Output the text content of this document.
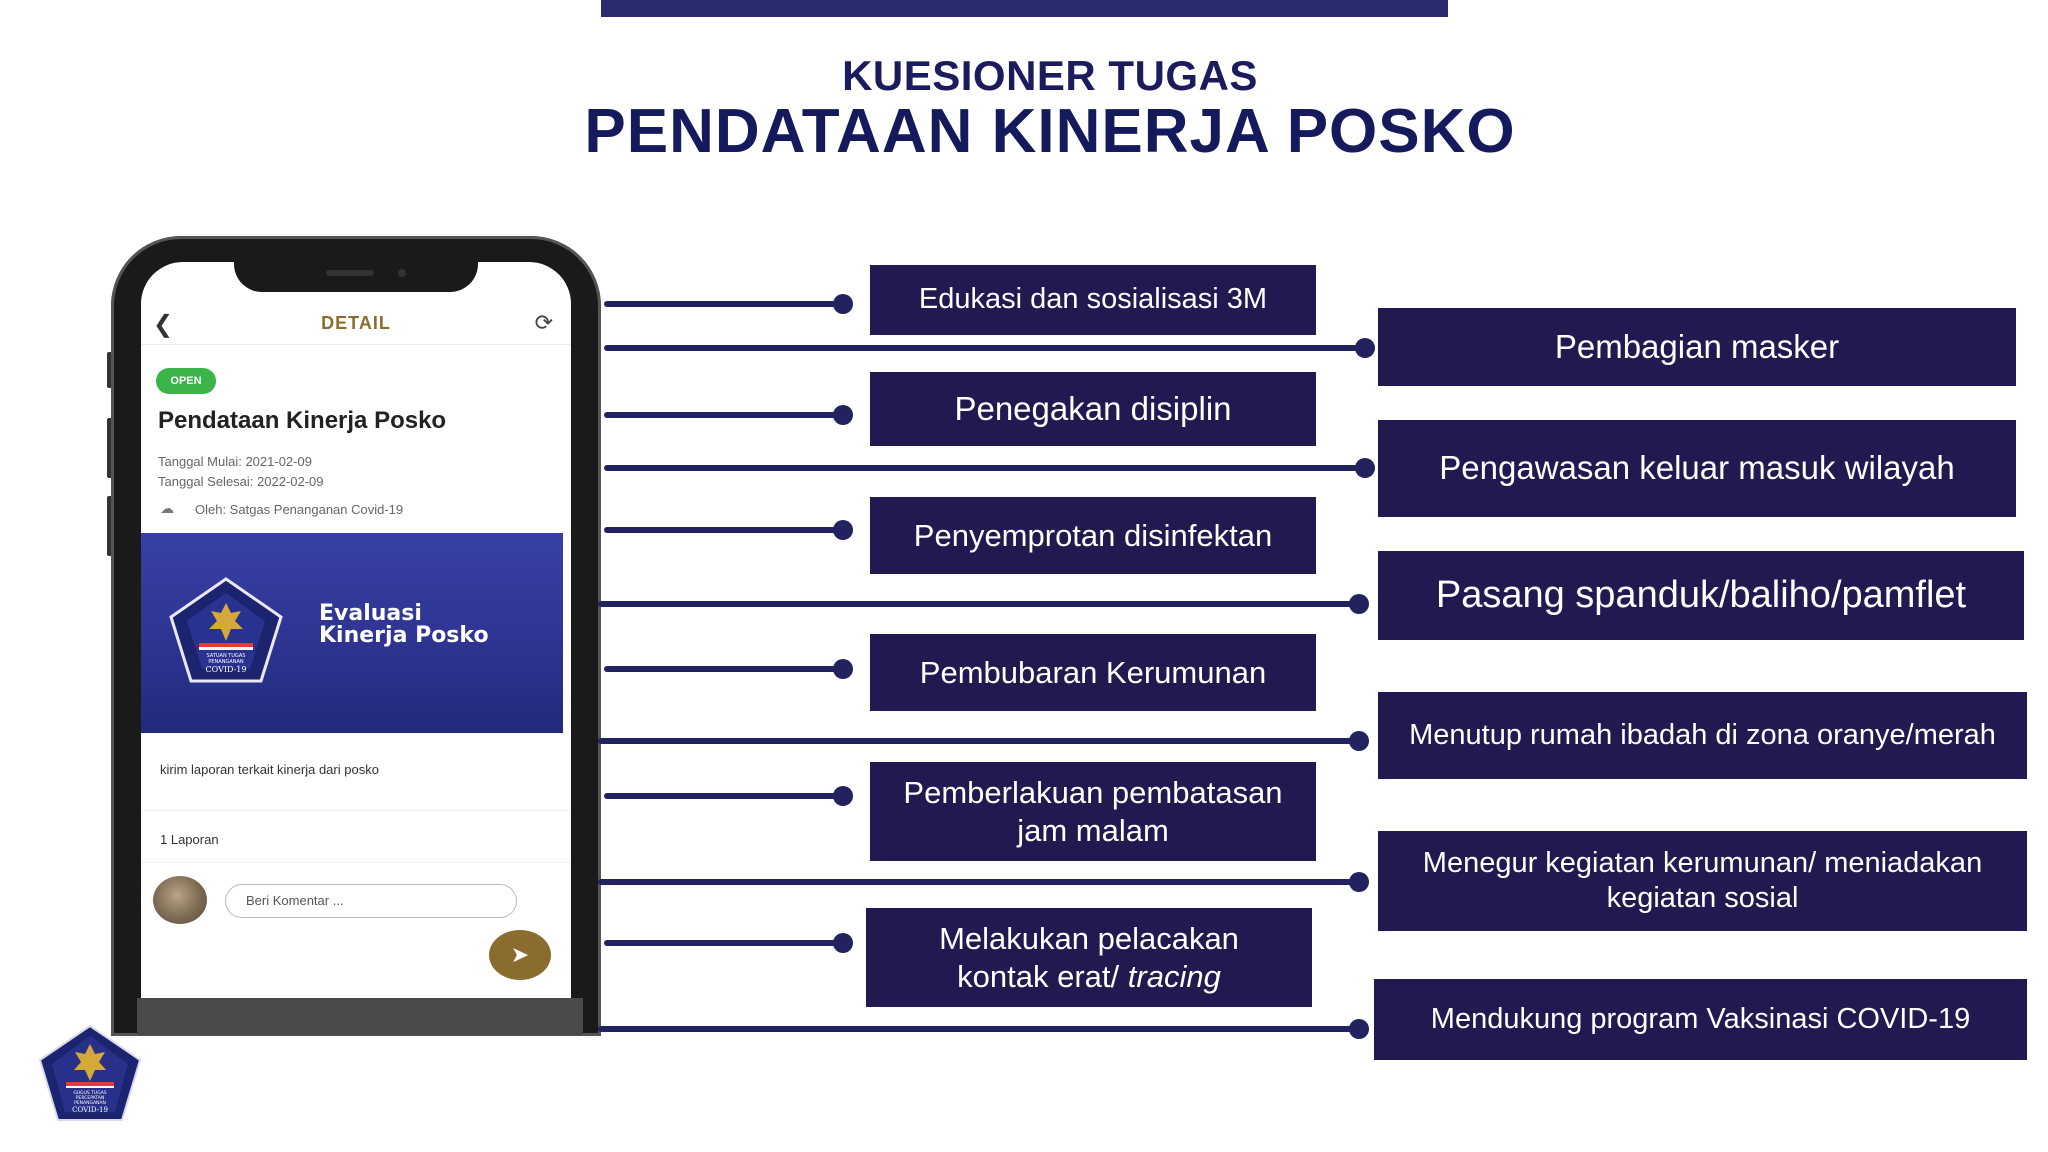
KUESIONER TUGAS
PENDATAAN KINERJA POSKO
❮	DETAIL	⟳
OPEN
Pendataan Kinerja Posko
Tanggal Mulai: 2021-02-09
Tanggal Selesai: 2022-02-09
☁ Oleh: Satgas Penanganan Covid-19
SATUAN TUGAS
PENANGANAN
COVID-19
Evaluasi
Kinerja Posko
kirim laporan terkait kinerja dari posko
1 Laporan
Beri Komentar ...
➤
Edukasi dan sosialisasi 3M
Penegakan disiplin
Penyemprotan disinfektan
Pembubaran Kerumunan
Pemberlakuan pembatasan
jam malam
Melakukan pelacakan
kontak erat/ tracing
Pembagian masker
Pengawasan keluar masuk wilayah
Pasang spanduk/baliho/pamflet
Menutup rumah ibadah di zona oranye/merah
Menegur kegiatan kerumunan/ meniadakan
kegiatan sosial
Mendukung program Vaksinasi COVID-19
GUGUS TUGAS
PERCEPATAN
PENANGANAN
COVID-19
